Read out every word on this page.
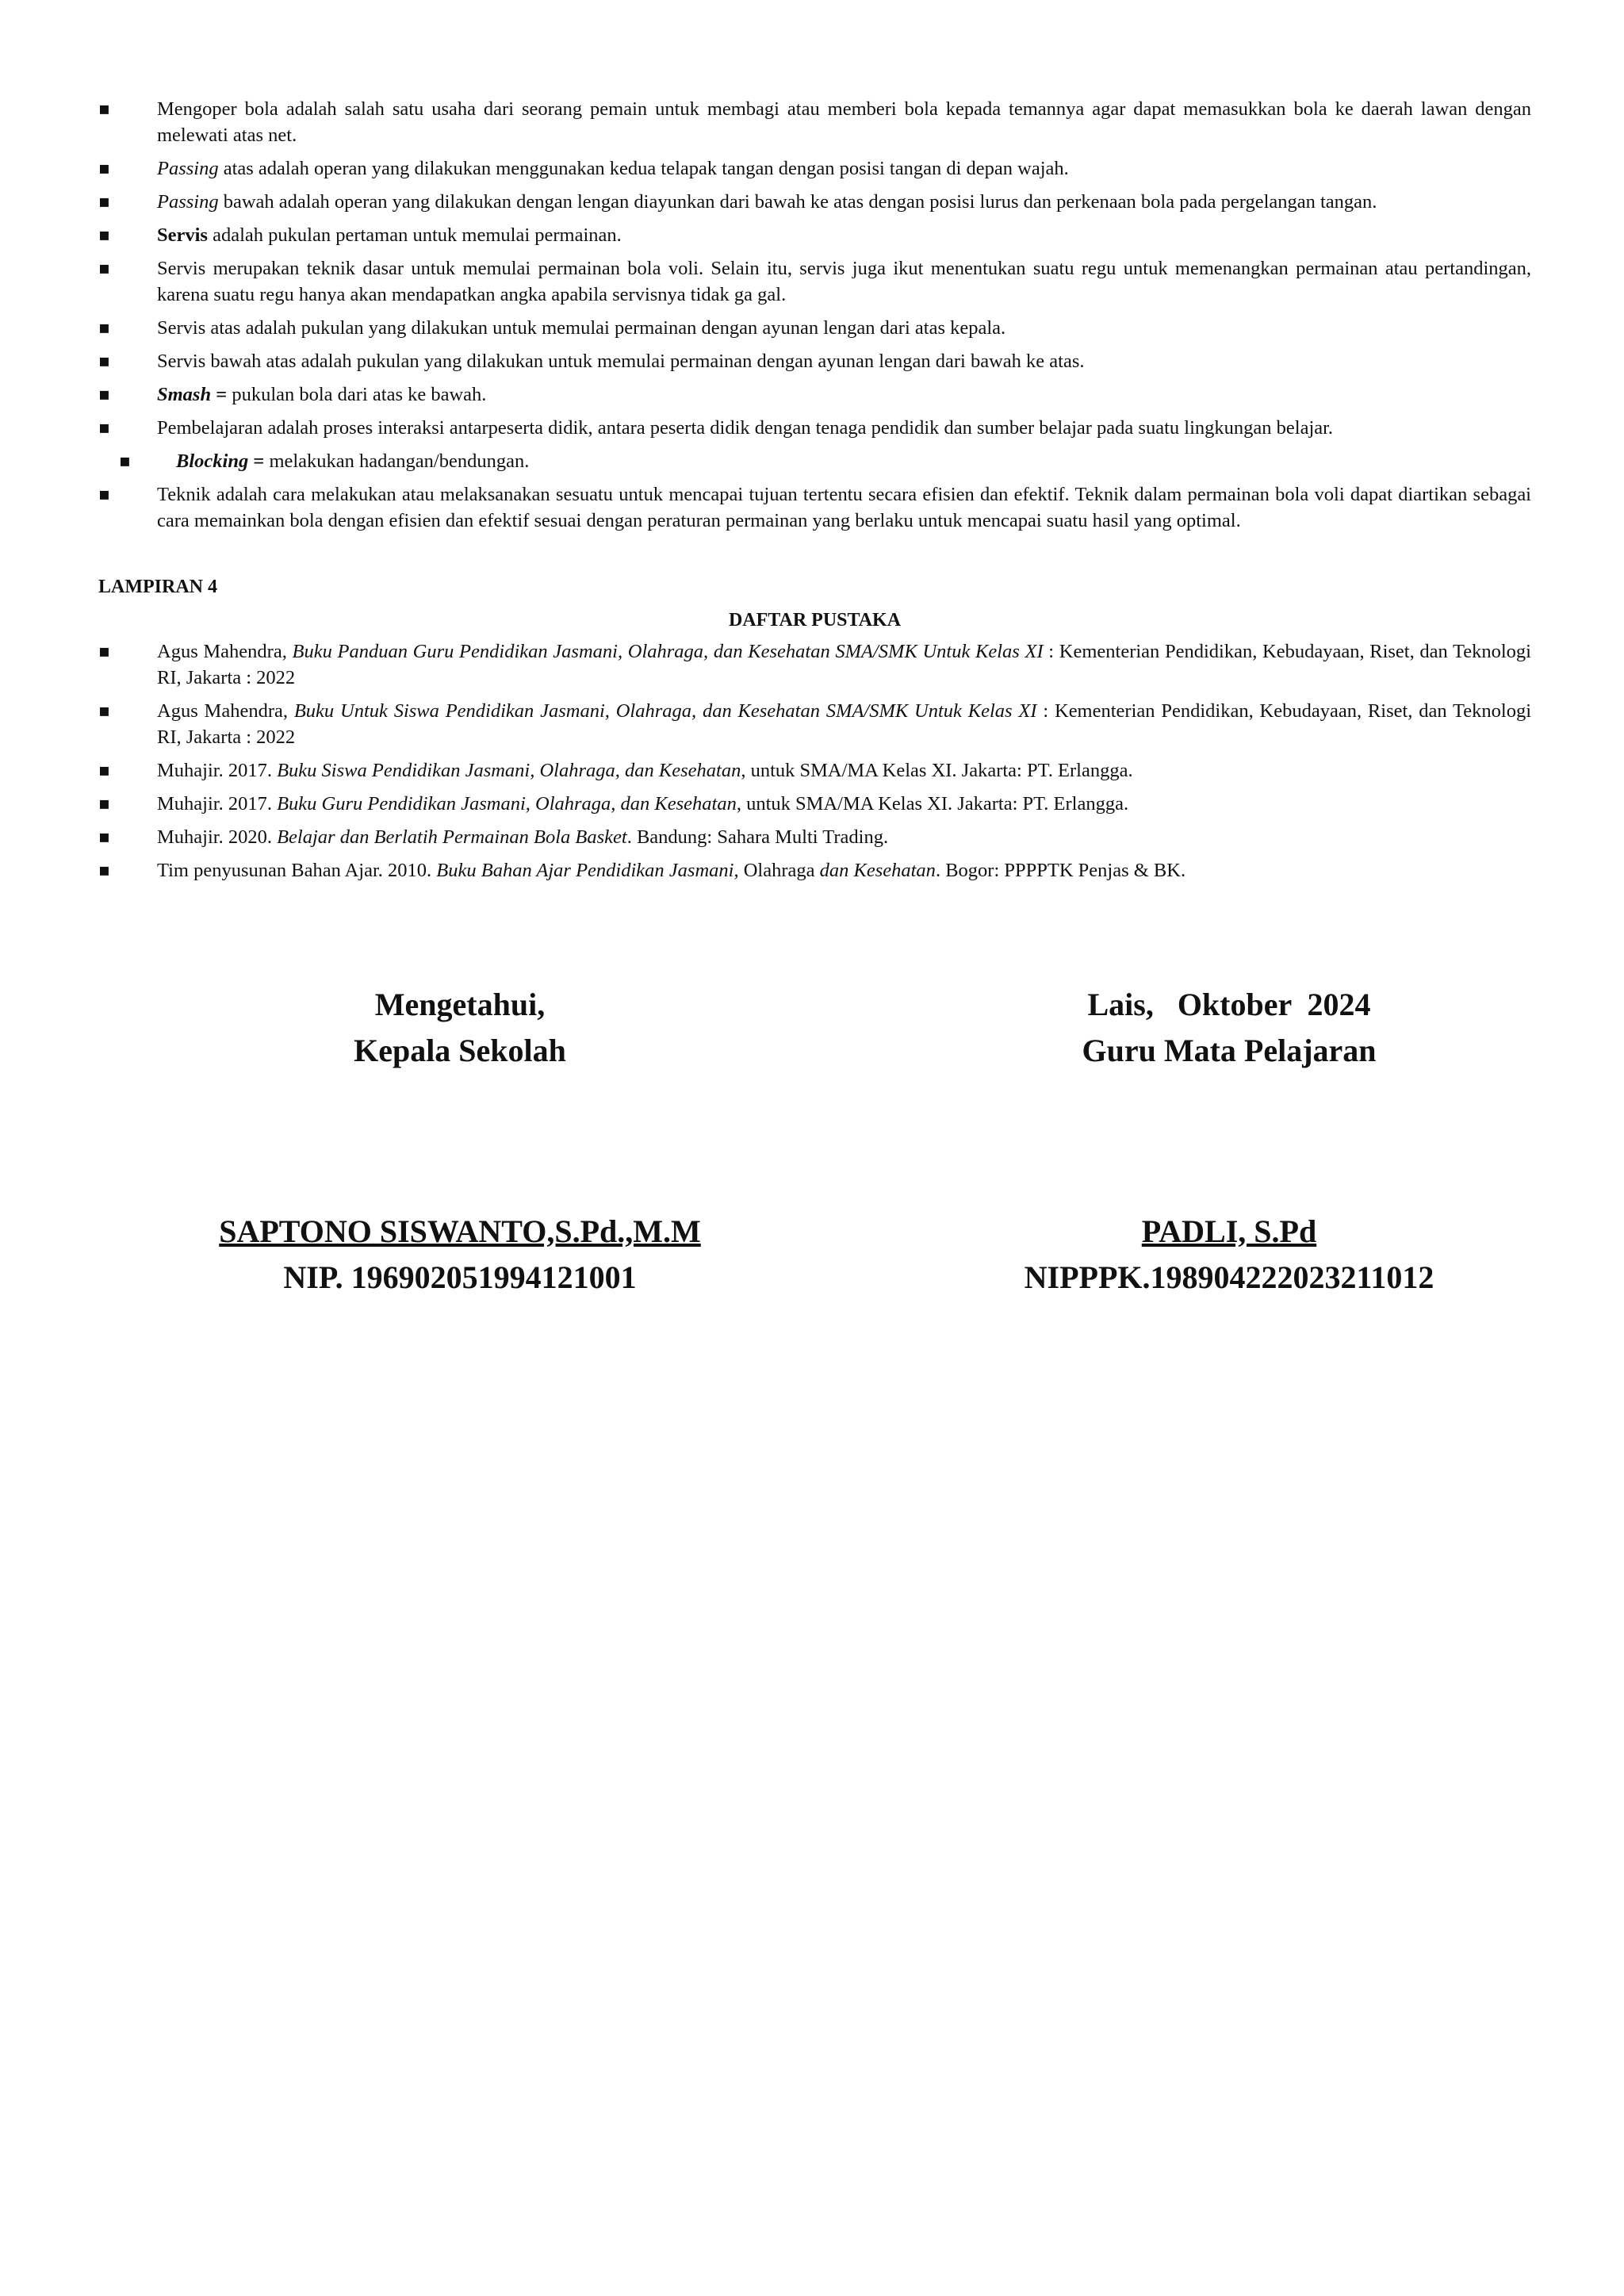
▪ Mengoper bola adalah salah satu usaha dari seorang pemain untuk membagi atau memberi bola kepada temannya agar dapat memasukkan bola ke daerah lawan dengan melewati atas net.
▪ Passing atas adalah operan yang dilakukan menggunakan kedua telapak tangan dengan posisi tangan di depan wajah.
▪ Passing bawah adalah operan yang dilakukan dengan lengan diayunkan dari bawah ke atas dengan posisi lurus dan perkenaan bola pada pergelangan tangan.
▪ Servis adalah pukulan pertaman untuk memulai permainan.
▪ Servis merupakan teknik dasar untuk memulai permainan bola voli. Selain itu, servis juga ikut menentukan suatu regu untuk memenangkan permainan atau pertandingan, karena suatu regu hanya akan mendapatkan angka apabila servisnya tidak ga gal.
▪ Servis atas adalah pukulan yang dilakukan untuk memulai permainan dengan ayunan lengan dari atas kepala.
▪ Servis bawah atas adalah pukulan yang dilakukan untuk memulai permainan dengan ayunan lengan dari bawah ke atas.
▪ Smash = pukulan bola dari atas ke bawah.
▪ Pembelajaran adalah proses interaksi antarpeserta didik, antara peserta didik dengan tenaga pendidik dan sumber belajar pada suatu lingkungan belajar.
▪ Blocking = melakukan hadangan/bendungan.
▪ Teknik adalah cara melakukan atau melaksanakan sesuatu untuk mencapai tujuan tertentu secara efisien dan efektif. Teknik dalam permainan bola voli dapat diartikan sebagai cara memainkan bola dengan efisien dan efektif sesuai dengan peraturan permainan yang berlaku untuk mencapai suatu hasil yang optimal.
LAMPIRAN 4
DAFTAR PUSTAKA
▪ Agus Mahendra, Buku Panduan Guru Pendidikan Jasmani, Olahraga, dan Kesehatan SMA/SMK Untuk Kelas XI : Kementerian Pendidikan, Kebudayaan, Riset, dan Teknologi RI, Jakarta : 2022
▪ Agus Mahendra, Buku Untuk Siswa Pendidikan Jasmani, Olahraga, dan Kesehatan SMA/SMK Untuk Kelas XI : Kementerian Pendidikan, Kebudayaan, Riset, dan Teknologi RI, Jakarta : 2022
▪ Muhajir. 2017. Buku Siswa Pendidikan Jasmani, Olahraga, dan Kesehatan, untuk SMA/MA Kelas XI. Jakarta: PT. Erlangga.
▪ Muhajir. 2017. Buku Guru Pendidikan Jasmani, Olahraga, dan Kesehatan, untuk SMA/MA Kelas XI. Jakarta: PT. Erlangga.
▪ Muhajir. 2020. Belajar dan Berlatih Permainan Bola Basket. Bandung: Sahara Multi Trading.
▪ Tim penyusunan Bahan Ajar. 2010. Buku Bahan Ajar Pendidikan Jasmani, Olahraga dan Kesehatan. Bogor: PPPPTK Penjas & BK.
Mengetahui,
Kepala Sekolah
SAPTONO SISWANTO,S.Pd.,M.M
NIP. 196902051994121001
Lais,   Oktober  2024
Guru Mata Pelajaran
PADLI, S.Pd
NIPPPK.198904222023211012
